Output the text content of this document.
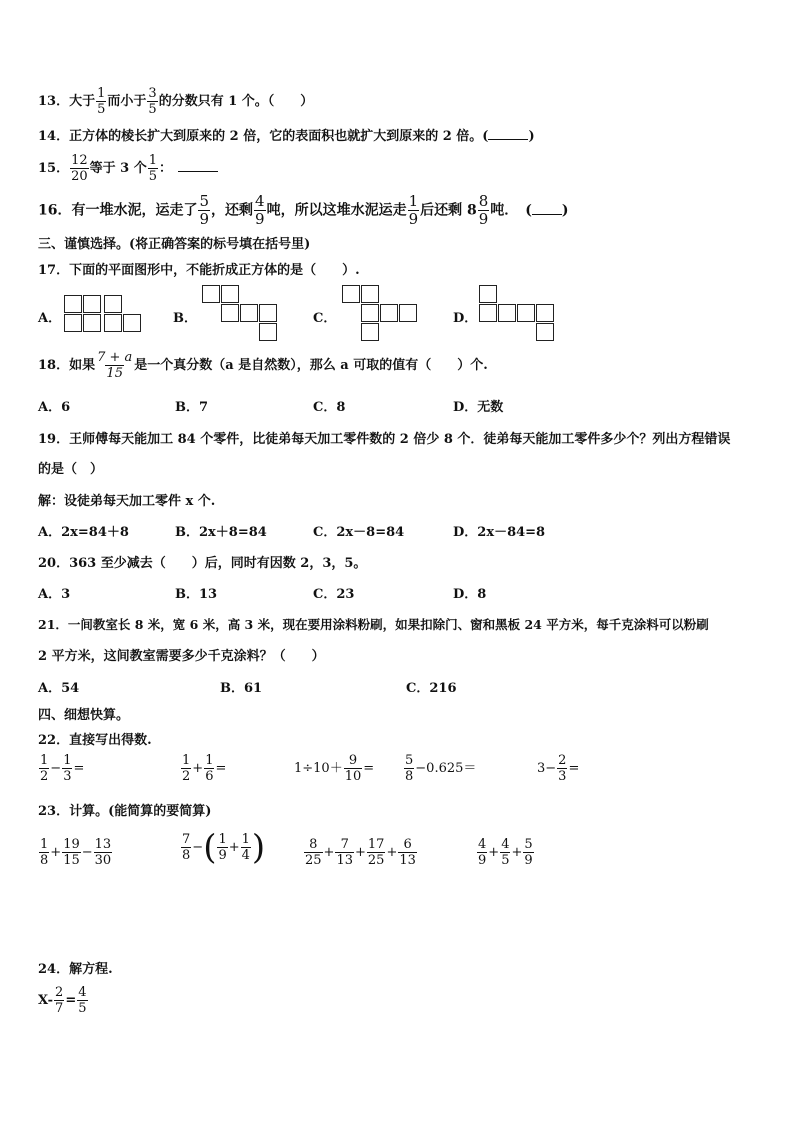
13．大于 $\frac{1}{5}$ 而小于 $\frac{3}{5}$ 的分数只有 1 个。（　　）
14．正方体的棱长扩大到原来的 2 倍，它的表面积也就扩大到原来的 2 倍。(	)
15． $\frac{12}{20}$ 等于 3 个 $\frac{1}{5}$ ：
16．有一堆水泥，运走了 $\frac{5}{9}$ ，还剩 $\frac{4}{9}$ 吨，所以这堆水泥运走 $\frac{1}{9}$ 后还剩 $8 \frac{8}{9}$ 吨．　( )
三、谨慎选择。(将正确答案的标号填在括号里)
17．下面的平面图形中，不能折成正方体的是（　　）.
A．	B．	C．	D．
18．如果 $\frac{7 + a}{15}$ 是一个真分数（a 是自然数），那么 a 可取的值有（　　）个.
A．6	B．7	C．8	D．无数
19．王师傅每天能加工 84 个零件，比徒弟每天加工零件数的 2 倍少 8 个．徒弟每天能加工零件多少个？列出方程错误
的是（　）
解：设徒弟每天加工零件 x 个.
A．2x=84＋8	B．2x＋8=84	C．2x－8=84	D．2x－84=8
20．363 至少减去（　　）后，同时有因数 2，3，5。
A．3	B．13	C．23	D．8
21．一间教室长 8 米，宽 6 米，高 3 米，现在要用涂料粉刷，如果扣除门、窗和黑板 24 平方米，每千克涂料可以粉刷
2 平方米，这间教室需要多少千克涂料？（　　）
A．54	B．61	C．216
四、细想快算。
22．直接写出得数.
$\frac{1}{2} - \frac{1}{3}$ =	$\frac{1}{2} + \frac{1}{6}$ =	$1\div 10+ \frac{9}{10} = \frac{5}{8} -0.625=$	$3- \frac{2}{3}$ =
23．计算。(能简算的要简算)
$\frac{1}{8} + \frac{19}{15} - \frac{13}{30}$	$\frac{7}{8}$ −( $\frac{1}{9} + \frac{1}{4}$ )	$\frac{8}{25} + \frac{7}{13} + \frac{17}{25} + \frac{6}{13}$	$\frac{4}{9} + \frac{4}{5} + \frac{5}{9}$
24．解方程.
$X- \frac{2}{7} = \frac{4}{5}$
